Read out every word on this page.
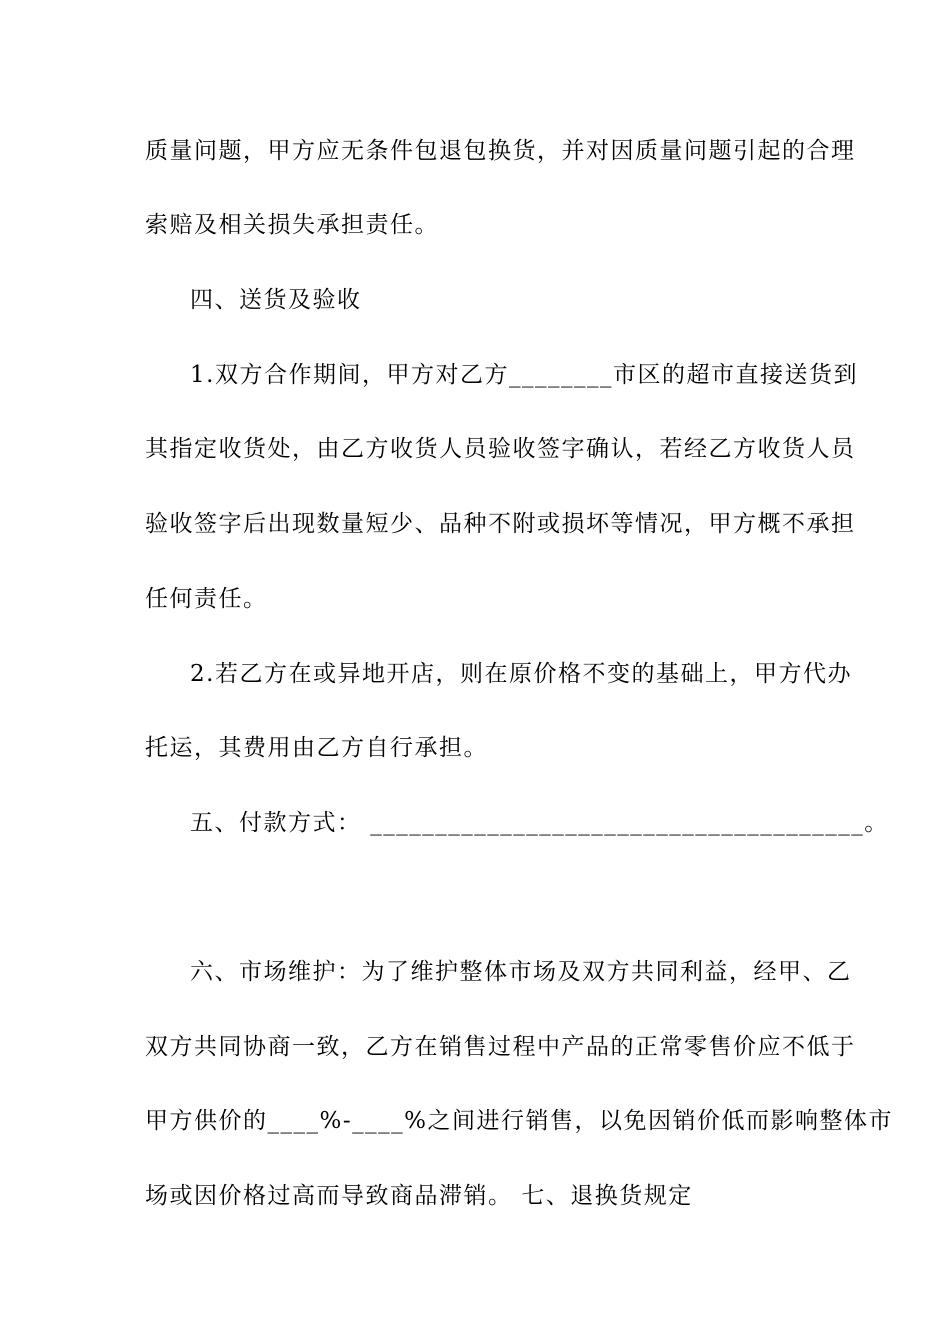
质量问题，甲方应无条件包退包换货，并对因质量问题引起的合理
索赔及相关损失承担责任。
四、送货及验收
1.双方合作期间，甲方对乙方________市区的超市直接送货到
其指定收货处，由乙方收货人员验收签字确认，若经乙方收货人员
验收签字后出现数量短少、品种不附或损坏等情况，甲方概不承担
任何责任。
2.若乙方在或异地开店，则在原价格不变的基础上，甲方代办
托运，其费用由乙方自行承担。
五、付款方式： ______________________________________。
六、市场维护：为了维护整体市场及双方共同利益，经甲、乙
双方共同协商一致，乙方在销售过程中产品的正常零售价应不低于
甲方供价的____%-____%之间进行销售，以免因销价低而影响整体市
场或因价格过高而导致商品滞销。 七、退换货规定
